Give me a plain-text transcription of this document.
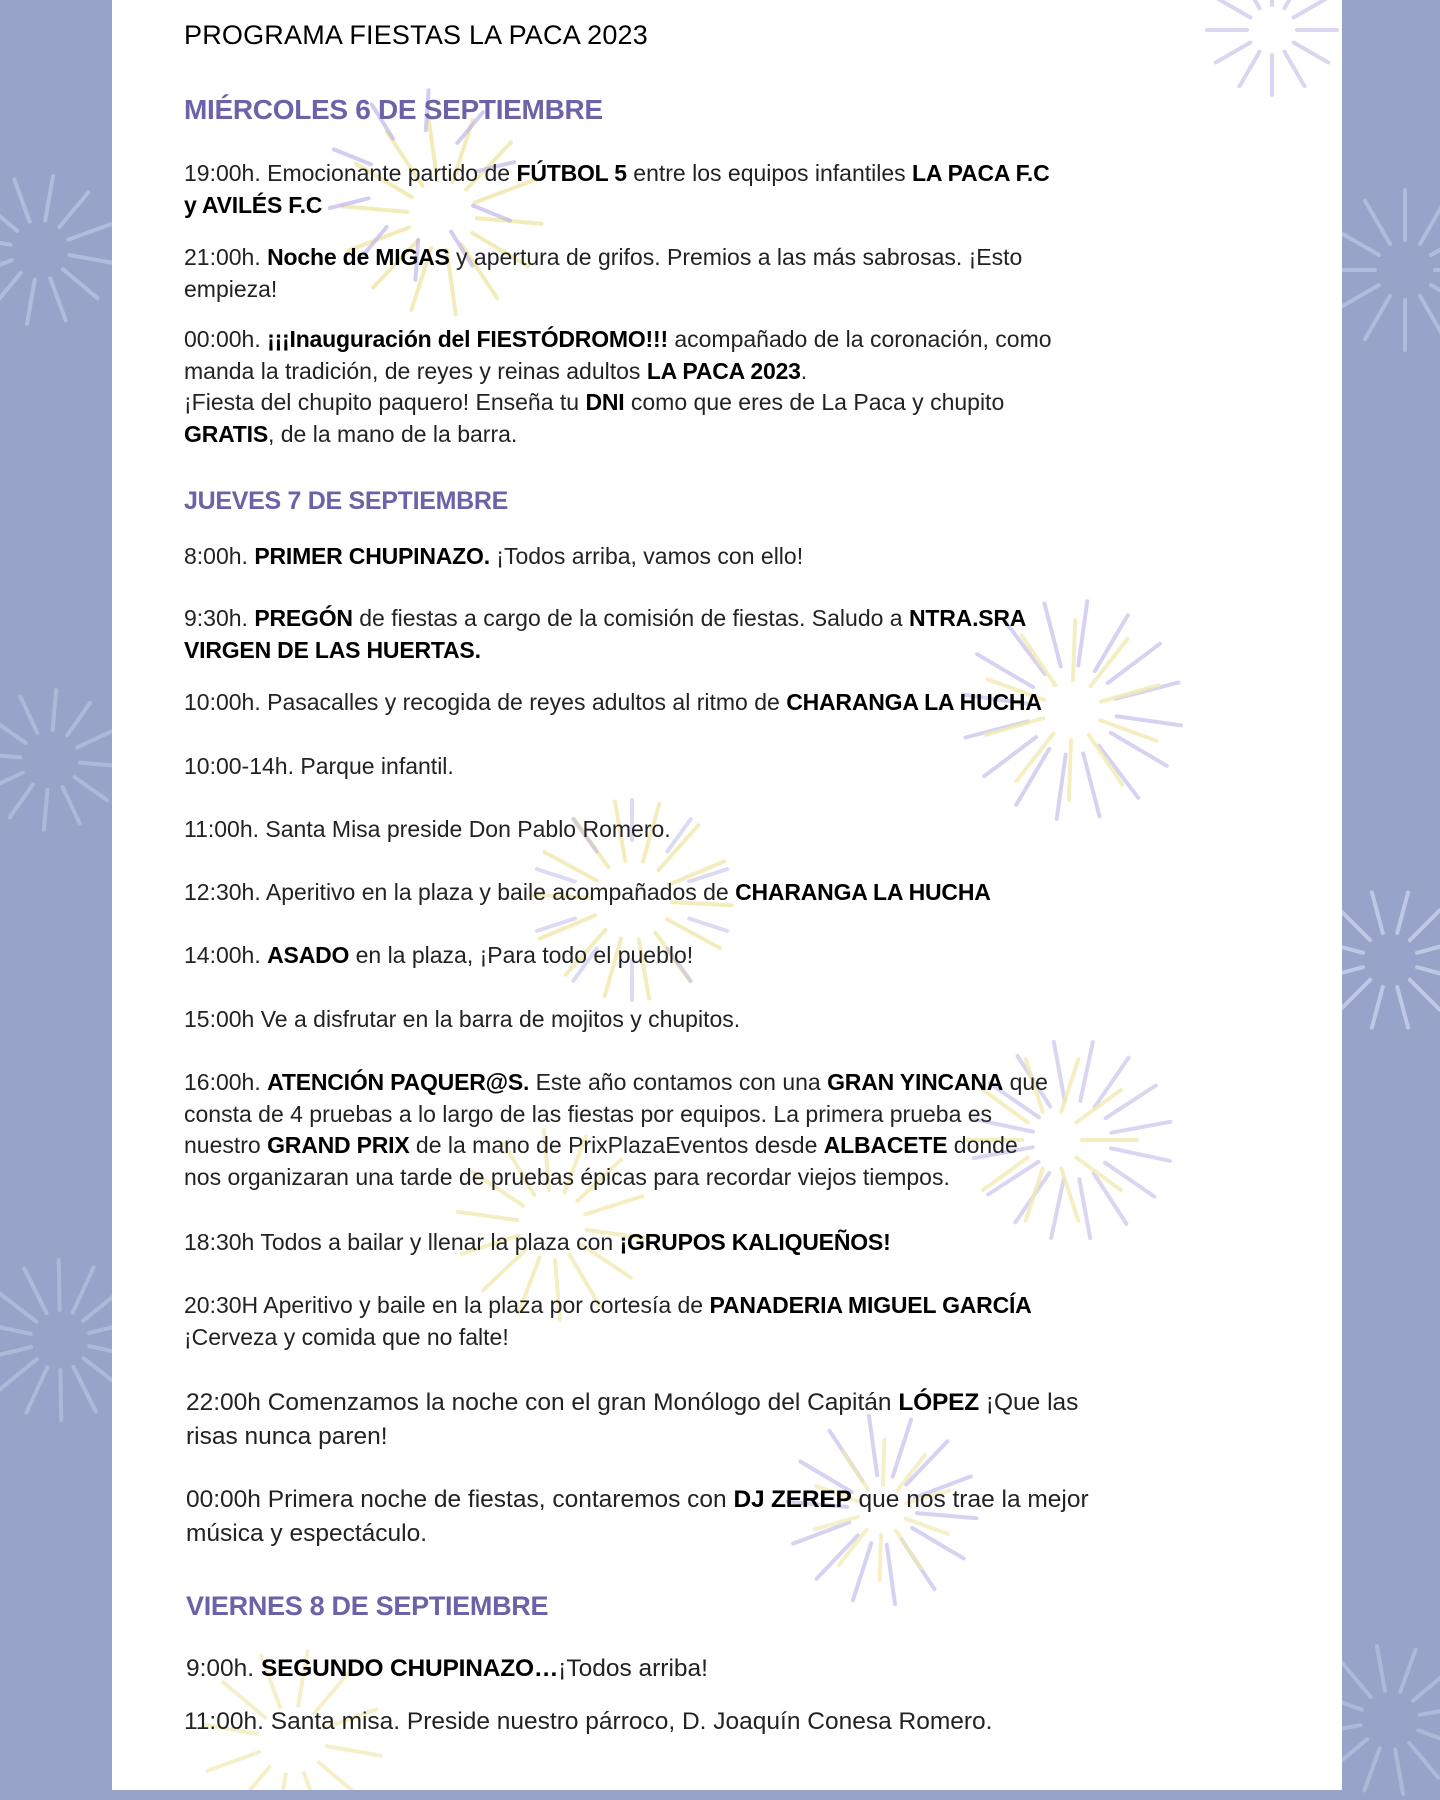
PROGRAMA FIESTAS LA PACA 2023
MIÉRCOLES 6 DE SEPTIEMBRE

19:00h. Emocionante partido de FÚTBOL 5 entre los equipos infantiles LA PACA F.C
y AVILÉS F.C

21:00h. Noche de MIGAS y apertura de grifos. Premios a las más sabrosas. ¡Esto
empieza!

00:00h. ¡¡¡Inauguración del FIESTÓDROMO!!! acompañado de la coronación, como
manda la tradición, de reyes y reinas adultos LA PACA 2023.
¡Fiesta del chupito paquero! Enseña tu DNI como que eres de La Paca y chupito
GRATIS, de la mano de la barra.

JUEVES 7 DE SEPTIEMBRE

8:00h. PRIMER CHUPINAZO. ¡Todos arriba, vamos con ello!

9:30h. PREGÓN de fiestas a cargo de la comisión de fiestas. Saludo a NTRA.SRA
VIRGEN DE LAS HUERTAS.

10:00h. Pasacalles y recogida de reyes adultos al ritmo de CHARANGA LA HUCHA

10:00-14h. Parque infantil.

11:00h. Santa Misa preside Don Pablo Romero.

12:30h. Aperitivo en la plaza y baile acompañados de CHARANGA LA HUCHA

14:00h. ASADO en la plaza, ¡Para todo el pueblo!

15:00h Ve a disfrutar en la barra de mojitos y chupitos.

16:00h. ATENCIÓN PAQUER@S. Este año contamos con una GRAN YINCANA que
consta de 4 pruebas a lo largo de las fiestas por equipos. La primera prueba es
nuestro GRAND PRIX de la mano de PrixPlazaEventos desde ALBACETE donde
nos organizaran una tarde de pruebas épicas para recordar viejos tiempos.

18:30h Todos a bailar y llenar la plaza con ¡GRUPOS KALIQUEÑOS!

20:30H Aperitivo y baile en la plaza por cortesía de PANADERIA MIGUEL GARCÍA
¡Cerveza y comida que no falte!

22:00h Comenzamos la noche con el gran Monólogo del Capitán LÓPEZ ¡Que las
risas nunca paren!

00:00h Primera noche de fiestas, contaremos con DJ ZEREP que nos trae la mejor
música y espectáculo.

VIERNES 8 DE SEPTIEMBRE

9:00h. SEGUNDO CHUPINAZO…¡Todos arriba!

11:00h. Santa misa. Preside nuestro párroco, D. Joaquín Conesa Romero.
